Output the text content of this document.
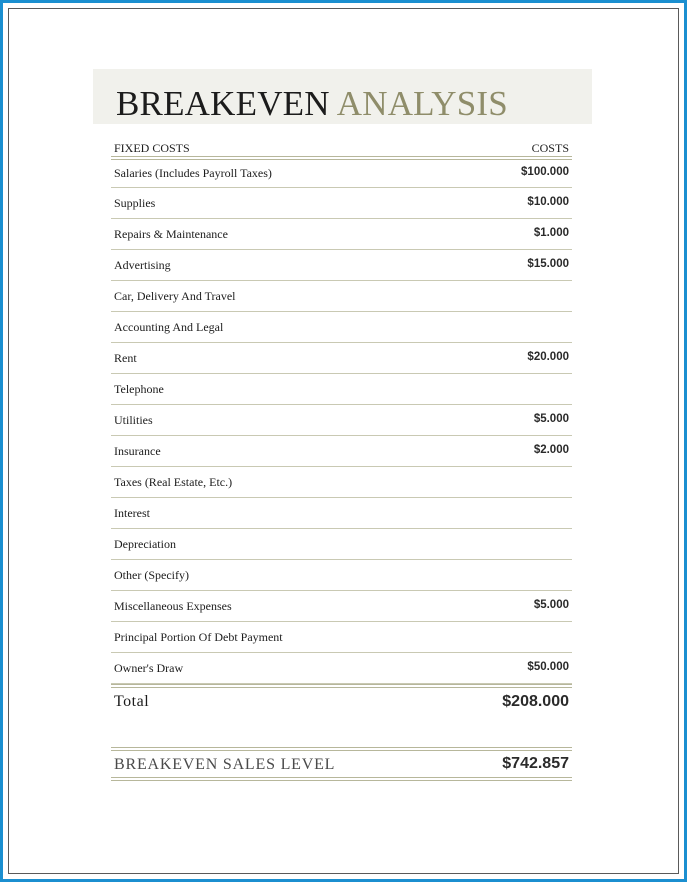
BREAKEVEN ANALYSIS
FIXED COSTS	COSTS
Salaries (Includes Payroll Taxes)	$100.000
Supplies	$10.000
Repairs & Maintenance	$1.000
Advertising	$15.000
Car, Delivery And Travel
Accounting And Legal
Rent	$20.000
Telephone
Utilities	$5.000
Insurance	$2.000
Taxes (Real Estate, Etc.)
Interest
Depreciation
Other (Specify)
Miscellaneous Expenses	$5.000
Principal Portion Of Debt Payment
Owner's Draw	$50.000
Total	$208.000
BREAKEVEN SALES LEVEL	$742.857
